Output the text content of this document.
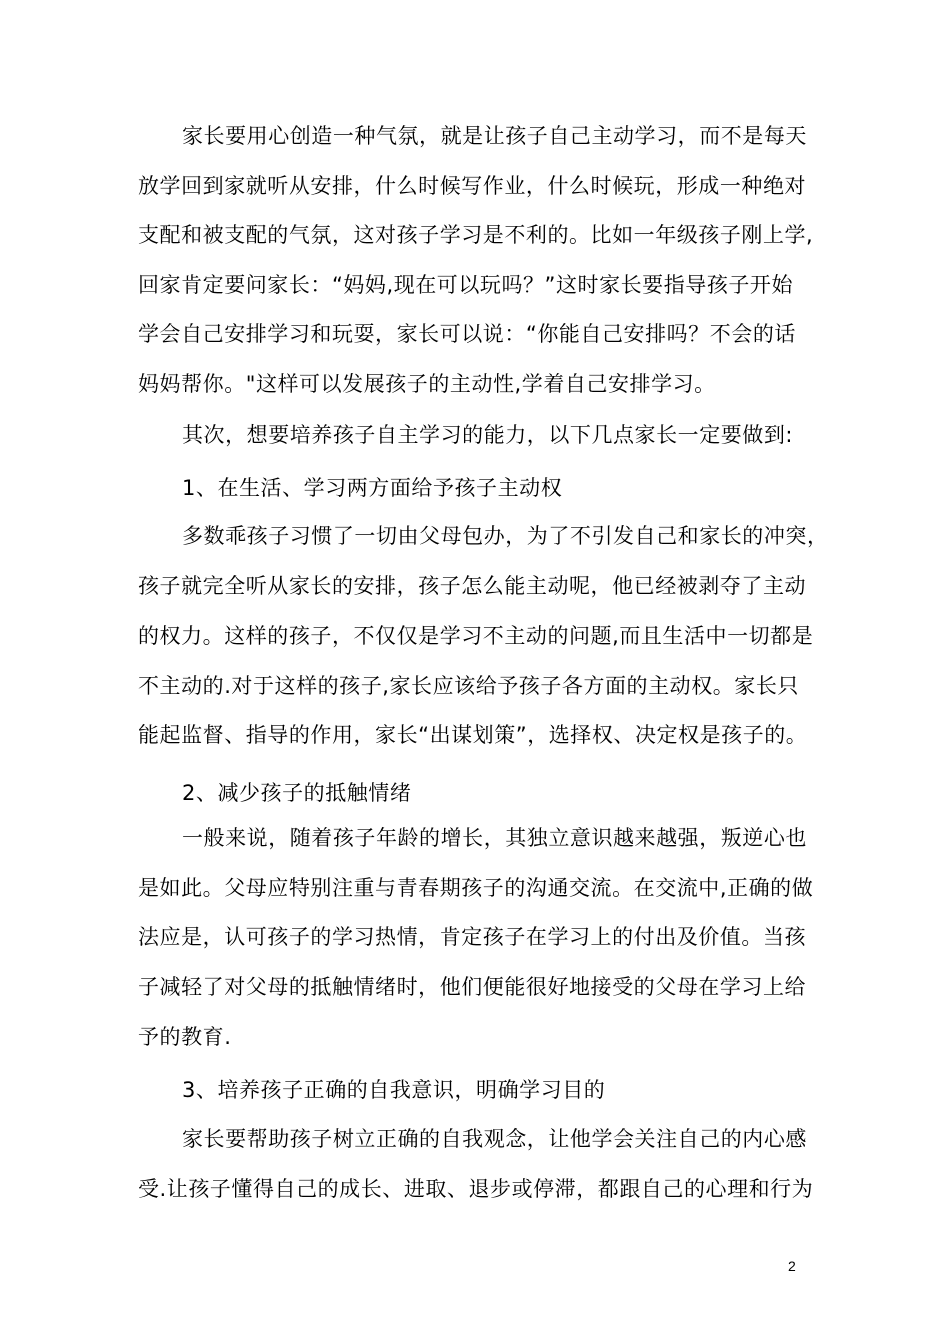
家长要用心创造一种气氛，就是让孩子自己主动学习，而不是每天
放学回到家就听从安排，什么时候写作业，什么时候玩，形成一种绝对
支配和被支配的气氛，这对孩子学习是不利的。比如一年级孩子刚上学,
回家肯定要问家长：“妈妈,现在可以玩吗？”这时家长要指导孩子开始
学会自己安排学习和玩耍，家长可以说：“你能自己安排吗？不会的话
妈妈帮你。"这样可以发展孩子的主动性,学着自己安排学习。
其次，想要培养孩子自主学习的能力，以下几点家长一定要做到:
1、在生活、学习两方面给予孩子主动权
多数乖孩子习惯了一切由父母包办，为了不引发自己和家长的冲突，
孩子就完全听从家长的安排，孩子怎么能主动呢，他已经被剥夺了主动
的权力。这样的孩子，不仅仅是学习不主动的问题,而且生活中一切都是
不主动的.对于这样的孩子,家长应该给予孩子各方面的主动权。家长只
能起监督、指导的作用，家长“出谋划策”，选择权、决定权是孩子的。
2、减少孩子的抵触情绪
一般来说，随着孩子年龄的增长，其独立意识越来越强，叛逆心也
是如此。父母应特别注重与青春期孩子的沟通交流。在交流中,正确的做
法应是，认可孩子的学习热情，肯定孩子在学习上的付出及价值。当孩
子减轻了对父母的抵触情绪时，他们便能很好地接受的父母在学习上给
予的教育.
3、培养孩子正确的自我意识，明确学习目的
家长要帮助孩子树立正确的自我观念，让他学会关注自己的内心感
受.让孩子懂得自己的成长、进取、退步或停滞，都跟自己的心理和行为
2
